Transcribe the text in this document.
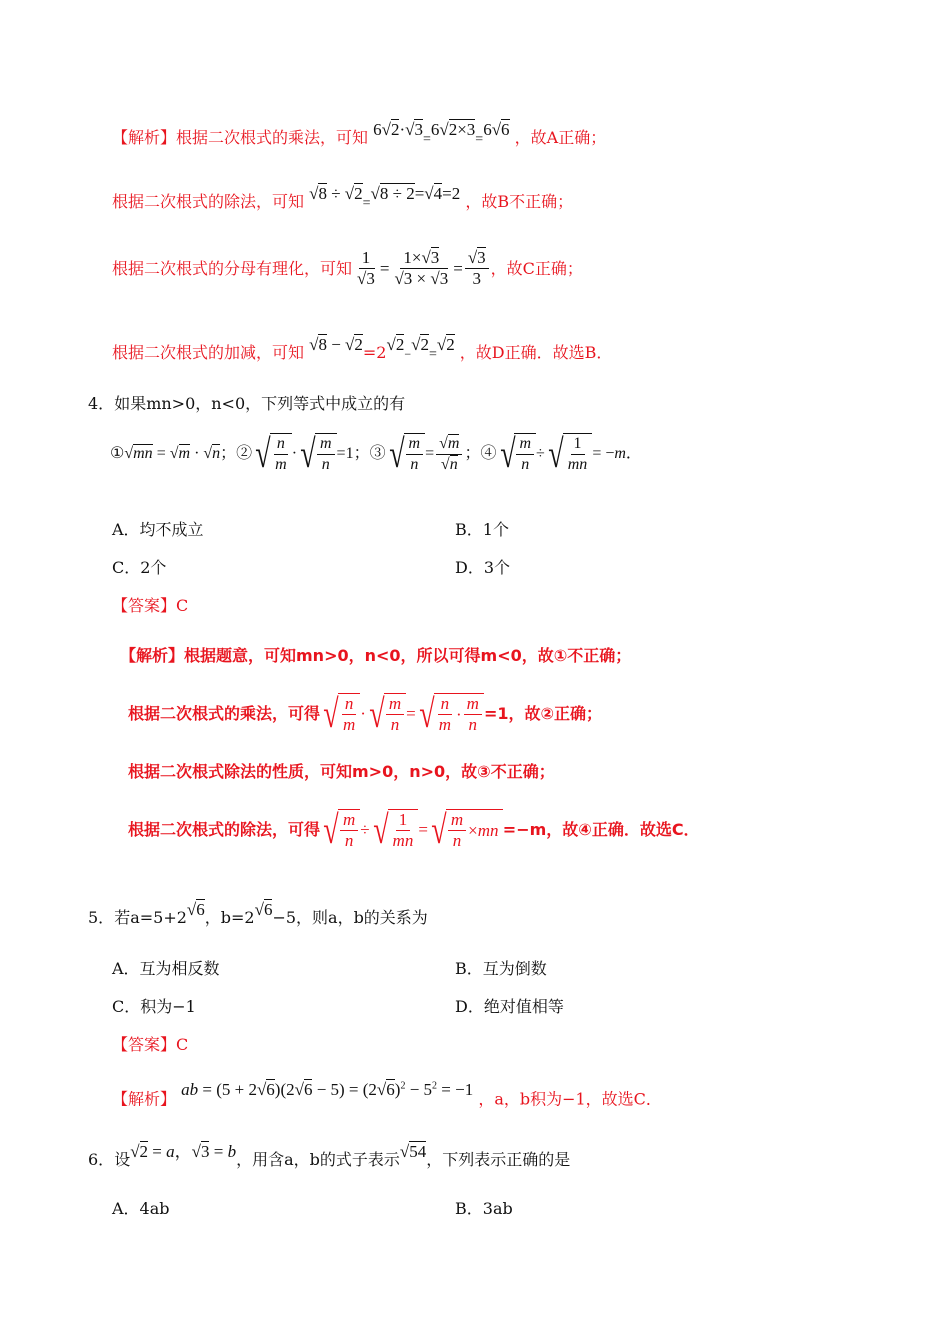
【解析】根据二次根式的乘法，可知 6√2·√3=6√2×3=6√6 ，故A正确；
根据二次根式的除法，可知 √8 ÷ √2=√8 ÷ 2=√4=2 ，故B不正确；
根据二次根式的分母有理化，可知 $\frac{1}{√3} = \frac{1\times√3}{√3 \times √3} = \frac{√3}{3}$ ，故C正确；
根据二次根式的加减，可知 √8 − √2=2√2−√2=√2 ，故D正确．故选B．
4．如果mn>0，n<0，下列等式中成立的有
① √mn = √m · √n ；② √ $\frac{n}{m}$ · √ $\frac{m}{n} =1$ ；③ √ $\frac{m}{n} = \frac{√m}{√n}$ ；④ √ $\frac{m}{n}$ ÷ √ $\frac{1}{mn} = -m$ ．
A．均不成立	B．1个
C．2个	D．3个
【答案】C
【解析】根据题意，可知mn>0，n<0，所以可得m<0，故①不正确；
根据二次根式的乘法，可得 √ $\frac{n}{m}$ · √ $\frac{m}{n}$ = √ $\frac{n}{m} \cdot \frac{m}{n} =1$，故②正确；
根据二次根式除法的性质，可知m>0，n>0，故③不正确；
根据二次根式的除法，可得 √ $\frac{m}{n}$ ÷ √ $\frac{1}{mn}$ = √ $\frac{m}{n}$ × mn
=−m，故④正确．故选C．
5．若a=5+2√6，b=2√6−5，则a，b的关系为
A．互为相反数	B．互为倒数
C．积为−1	D．绝对值相等
【答案】C
【解析】 ab = $(5 + 2√6)(2√6 - 5) = (2√6)^2 - 5^2 = -1$ ，a，b积为−1，故选C．
6．设√2 = a，√3 = b，用含a，b的式子表示√54，下列表示正确的是
A．4ab	B．3ab
